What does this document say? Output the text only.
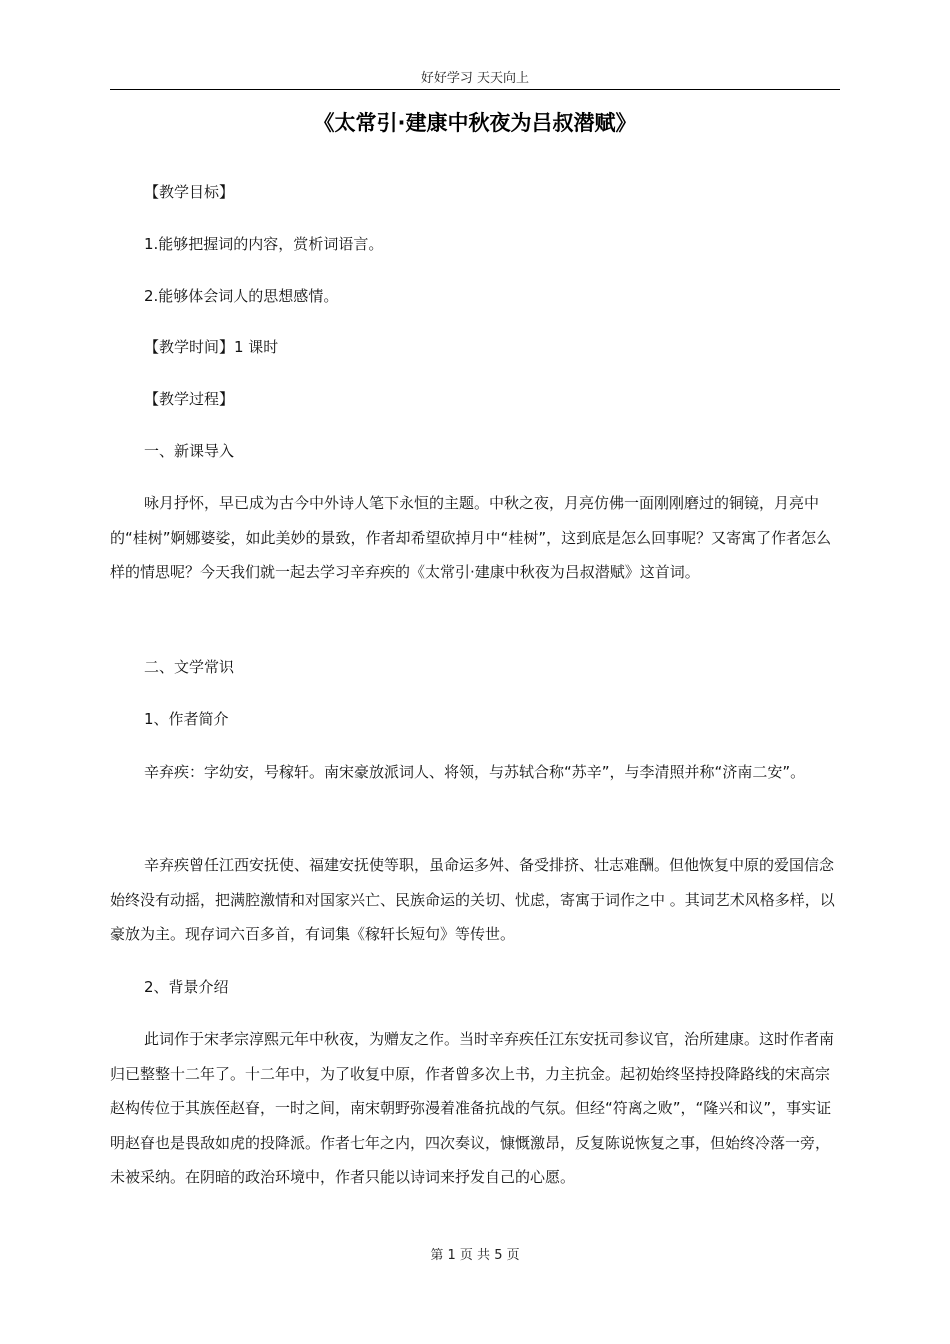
好好学习 天天向上
《太常引·建康中秋夜为吕叔潜赋》

【教学目标】

1.能够把握词的内容，赏析词语言。

2.能够体会词人的思想感情。

【教学时间】1 课时

【教学过程】

一、新课导入

咏月抒怀，早已成为古今中外诗人笔下永恒的主题。中秋之夜，月亮仿佛一面刚刚磨过的铜镜，月亮中的“桂树”婀娜婆娑，如此美妙的景致，作者却希望砍掉月中“桂树”，这到底是怎么回事呢？又寄寓了作者怎么样的情思呢？今天我们就一起去学习辛弃疾的《太常引·建康中秋夜为吕叔潜赋》这首词。

二、文学常识

1、作者简介

辛弃疾：字幼安，号稼轩。南宋豪放派词人、将领，与苏轼合称“苏辛”，与李清照并称“济南二安”。

辛弃疾曾任江西安抚使、福建安抚使等职，虽命运多舛、备受排挤、壮志难酬。但他恢复中原的爱国信念始终没有动摇，把满腔激情和对国家兴亡、民族命运的关切、忧虑，寄寓于词作之中 。其词艺术风格多样，以豪放为主。现存词六百多首，有词集《稼轩长短句》等传世。

2、背景介绍

此词作于宋孝宗淳熙元年中秋夜，为赠友之作。当时辛弃疾任江东安抚司参议官，治所建康。这时作者南归已整整十二年了。十二年中，为了收复中原，作者曾多次上书，力主抗金。起初始终坚持投降路线的宋高宗赵构传位于其族侄赵眘，一时之间，南宋朝野弥漫着准备抗战的气氛。但经“符离之败”，“隆兴和议”，事实证明赵眘也是畏敌如虎的投降派。作者七年之内，四次奏议，慷慨激昂，反复陈说恢复之事，但始终冷落一旁，未被采纳。在阴暗的政治环境中，作者只能以诗词来抒发自己的心愿。

第 1 页 共 5 页
